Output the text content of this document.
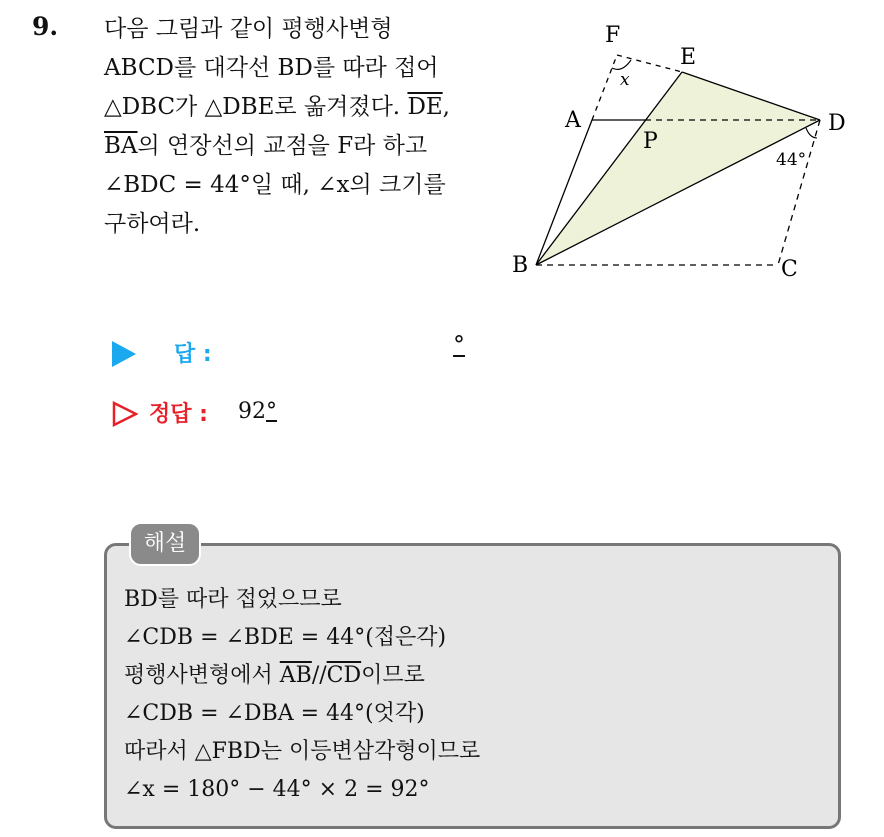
9. 다음 그림과 같이 평행사변형
ABCD를 대각선 BD를 따라 접어
△DBC가 △DBE로 옮겨졌다. $\overline{DE}$,
$\overline{BA}$의 연장선의 교점을 F라 하고
∠BDC = 44°일 때, ∠x의 크기를
구하여라.
F
E
A
P
D
B	C
x
44°
답 :	°
정답 : 92°
해설
BD를 따라 접었으므로
∠CDB = ∠BDE = 44°(접은각)
평행사변형에서 $\overline{AB}//\overline{CD}$이므로
∠CDB = ∠DBA = 44°(엇각)
따라서 △FBD는 이등변삼각형이므로
∠x = 180° − 44° × 2 = 92°
